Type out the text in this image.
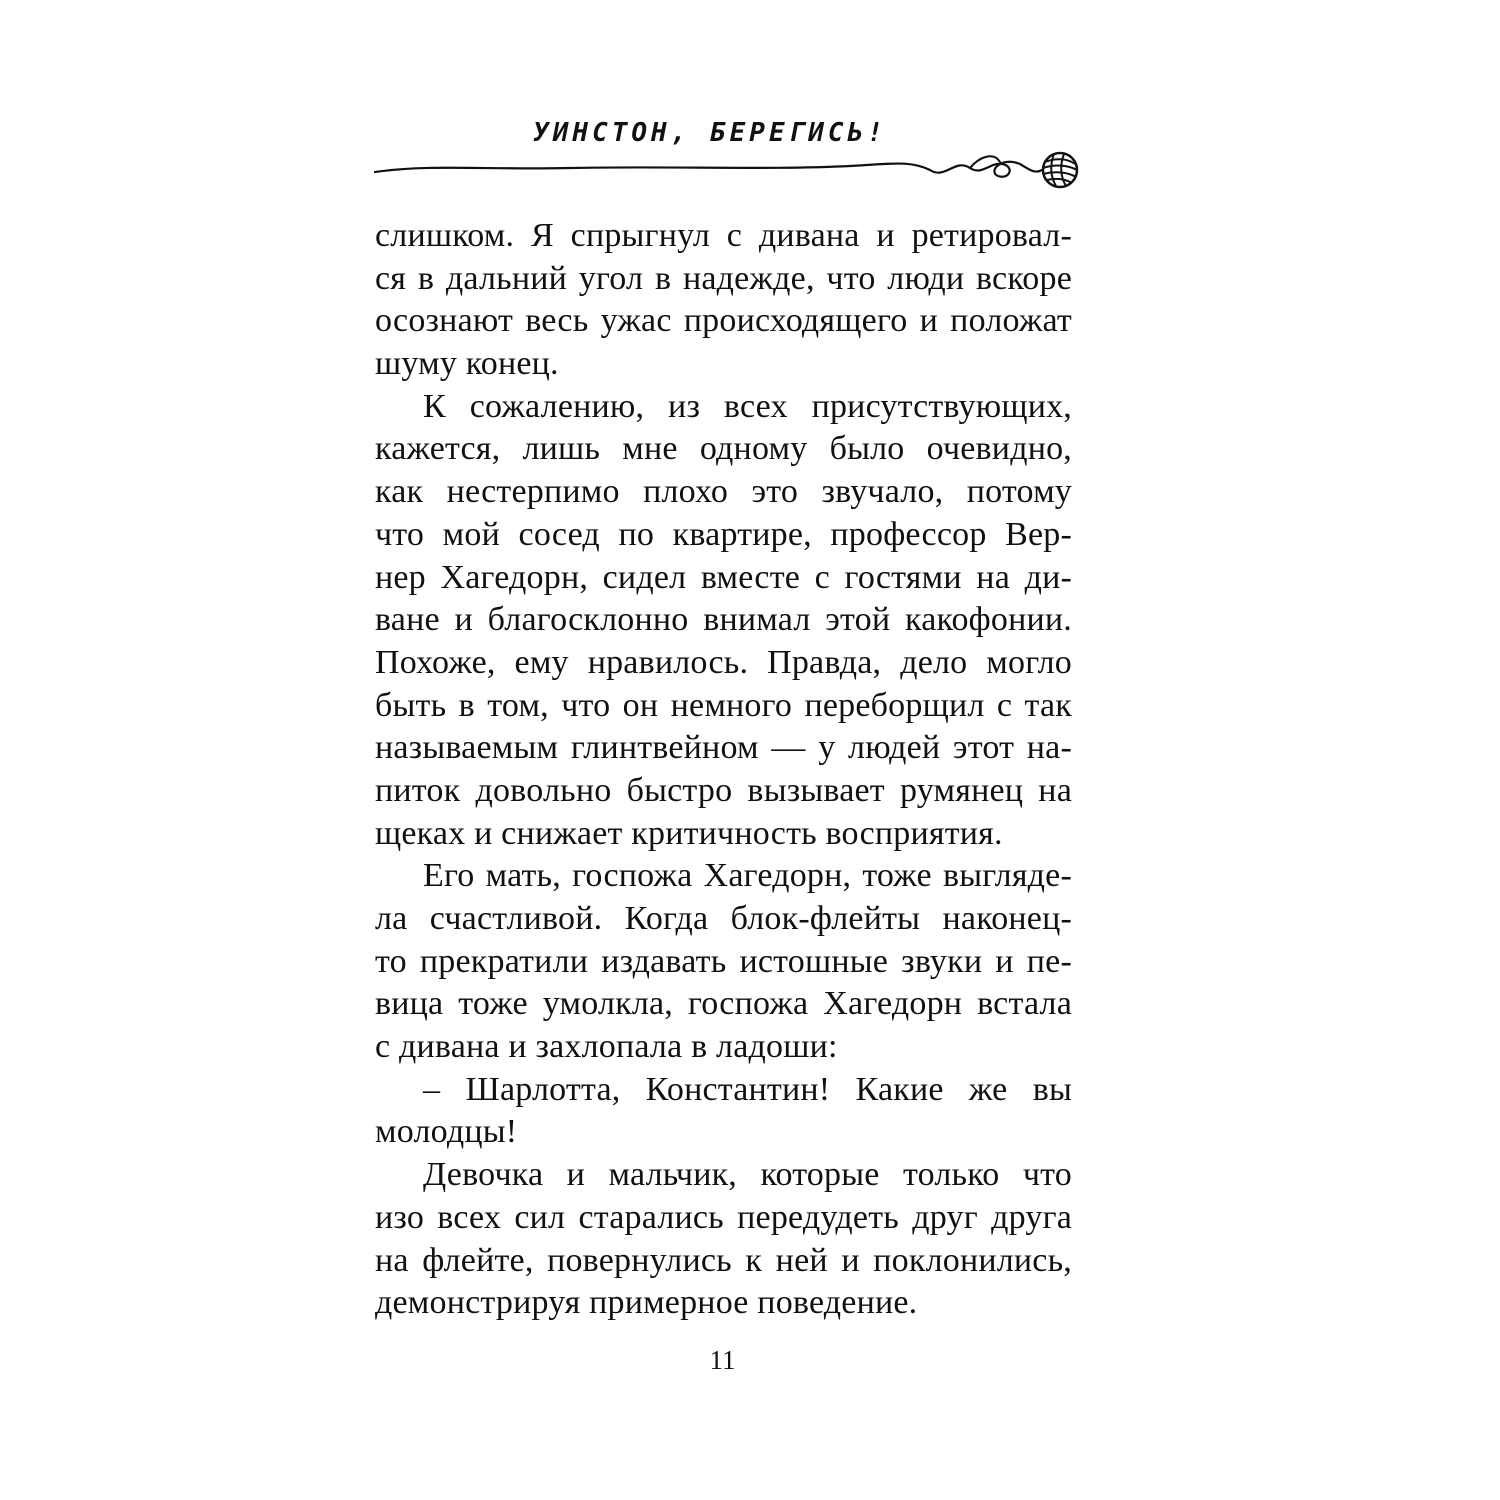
УИНСТОН, БЕРЕГИСЬ!
слишком. Я спрыгнул с дивана и ретировал-
ся в дальний угол в надежде, что люди вскоре
осознают весь ужас происходящего и положат
шуму конец.
К сожалению, из всех присутствующих,
кажется, лишь мне одному было очевидно,
как нестерпимо плохо это звучало, потому
что мой сосед по квартире, профессор Вер-
нер Хагедорн, сидел вместе с гостями на ди-
ване и благосклонно внимал этой какофонии.
Похоже, ему нравилось. Правда, дело могло
быть в том, что он немного переборщил с так
называемым глинтвейном — у людей этот на-
питок довольно быстро вызывает румянец на
щеках и снижает критичность восприятия.
Его мать, госпожа Хагедорн, тоже выгляде-
ла счастливой. Когда блок-флейты наконец-
то прекратили издавать истошные звуки и пе-
вица тоже умолкла, госпожа Хагедорн встала
с дивана и захлопала в ладоши:
– Шарлотта, Константин! Какие же вы
молодцы!
Девочка и мальчик, которые только что
изо всех сил старались передудеть друг друга
на флейте, повернулись к ней и поклонились,
демонстрируя примерное поведение.
11
